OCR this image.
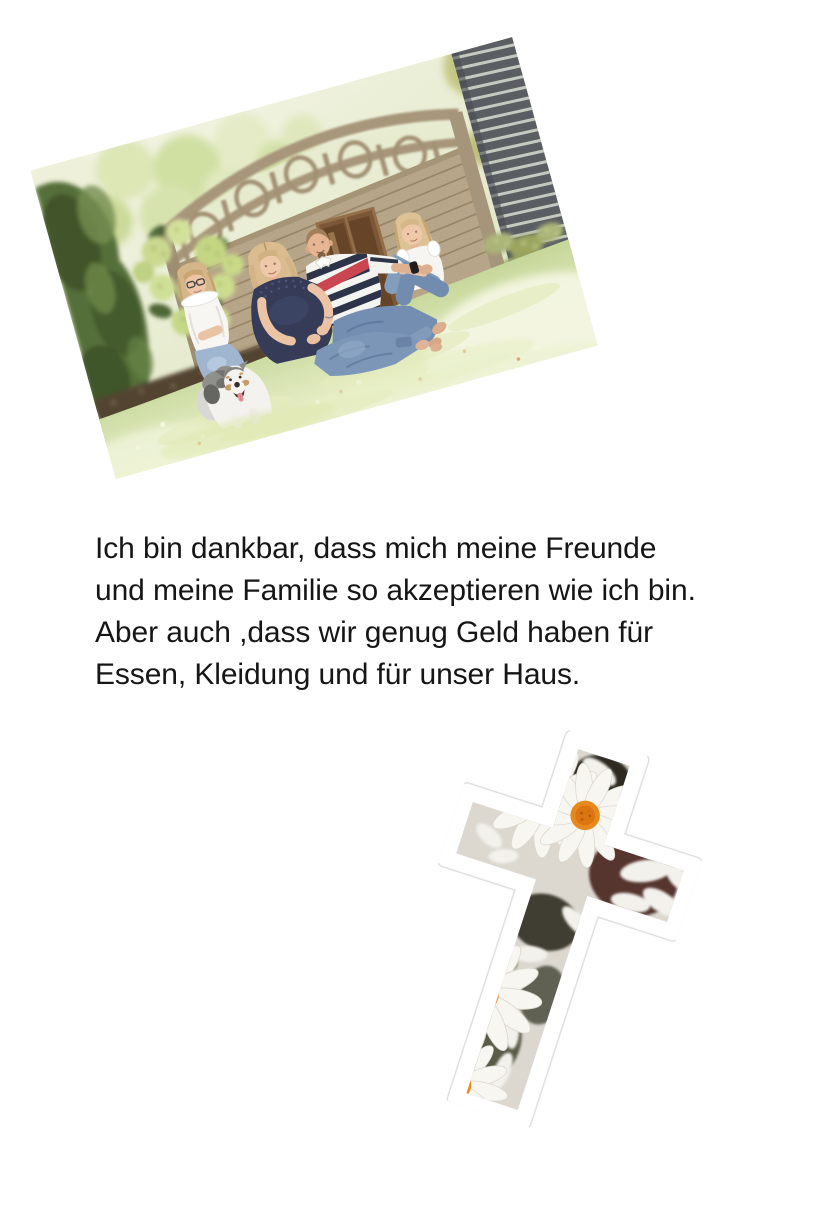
Ich bin dankbar, dass mich meine Freunde
und meine Familie so akzeptieren wie ich bin.
Aber auch ,dass wir genug Geld haben für
Essen, Kleidung und für unser Haus.
